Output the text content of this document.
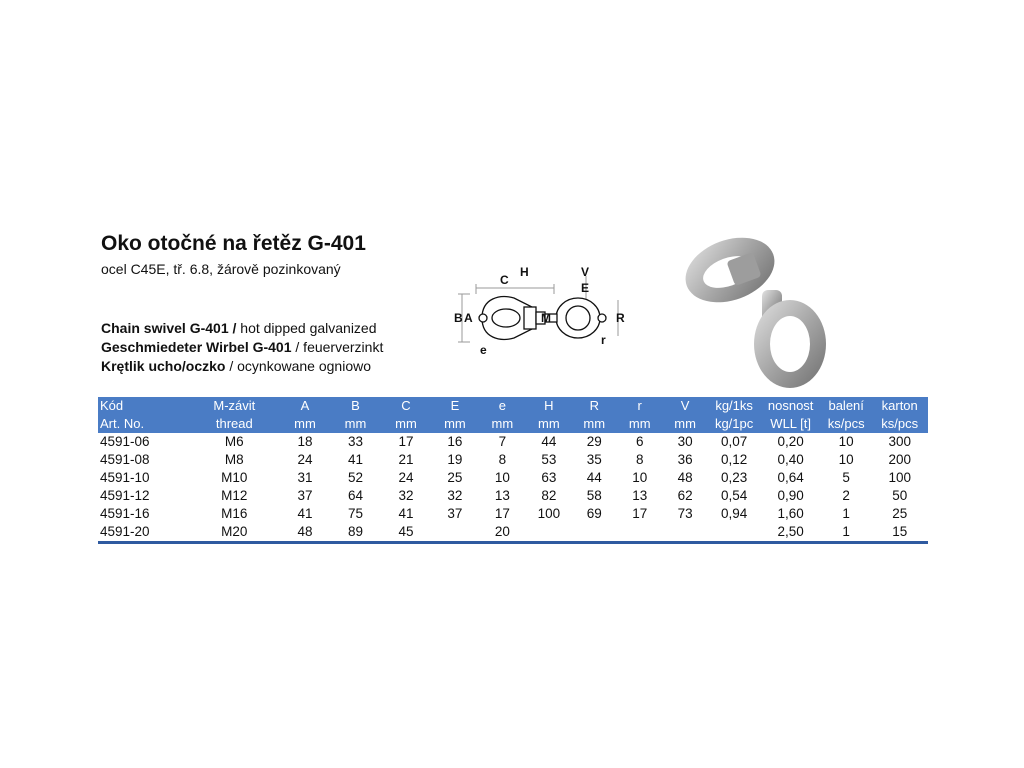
Oko otočné na řetěz G-401
ocel C45E, tř. 6.8, žárově pozinkovaný
Chain swivel G-401 / hot dipped galvanized
Geschmiedeter Wirbel G-401 / feuerverzinkt
Krętlik ucho/oczko / ocynkowane ogniowo
B A
C
H
M
e
V
E
R
r
Kód	M-závit	A	B	C	E	e	H	R	r	V	kg/1ks	nosnost	balení	karton
Art. No.	thread	mm	mm	mm	mm	mm	mm	mm	mm	mm	kg/1pc	WLL [t]	ks/pcs	ks/pcs
4591-06	M6	18	33	17	16	7	44	29	6	30	0,07	0,20	10	300
4591-08	M8	24	41	21	19	8	53	35	8	36	0,12	0,40	10	200
4591-10	M10	31	52	24	25	10	63	44	10	48	0,23	0,64	5	100
4591-12	M12	37	64	32	32	13	82	58	13	62	0,54	0,90	2	50
4591-16	M16	41	75	41	37	17	100	69	17	73	0,94	1,60	1	25
4591-20	M20	48	89	45		20						2,50	1	15
